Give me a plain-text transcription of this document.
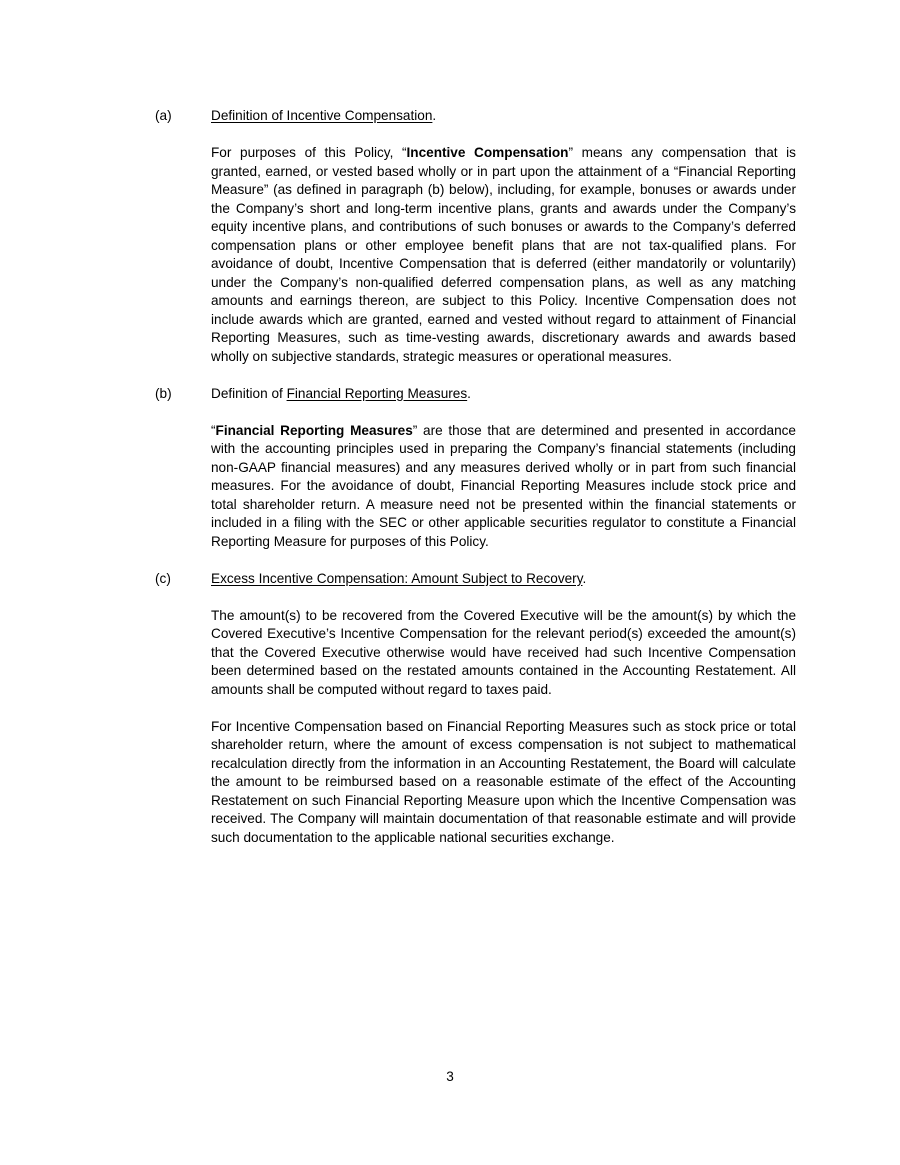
(a)	Definition of Incentive Compensation.

For purposes of this Policy, “Incentive Compensation” means any compensation that is granted, earned, or vested based wholly or in part upon the attainment of a “Financial Reporting Measure” (as defined in paragraph (b) below), including, for example, bonuses or awards under the Company’s short and long-term incentive plans, grants and awards under the Company’s equity incentive plans, and contributions of such bonuses or awards to the Company’s deferred compensation plans or other employee benefit plans that are not tax-qualified plans. For avoidance of doubt, Incentive Compensation that is deferred (either mandatorily or voluntarily) under the Company’s non-qualified deferred compensation plans, as well as any matching amounts and earnings thereon, are subject to this Policy. Incentive Compensation does not include awards which are granted, earned and vested without regard to attainment of Financial Reporting Measures, such as time-vesting awards, discretionary awards and awards based wholly on subjective standards, strategic measures or operational measures.

(b)	Definition of Financial Reporting Measures.

“Financial Reporting Measures” are those that are determined and presented in accordance with the accounting principles used in preparing the Company’s financial statements (including non-GAAP financial measures) and any measures derived wholly or in part from such financial measures. For the avoidance of doubt, Financial Reporting Measures include stock price and total shareholder return. A measure need not be presented within the financial statements or included in a filing with the SEC or other applicable securities regulator to constitute a Financial Reporting Measure for purposes of this Policy.

(c)	Excess Incentive Compensation: Amount Subject to Recovery.

The amount(s) to be recovered from the Covered Executive will be the amount(s) by which the Covered Executive’s Incentive Compensation for the relevant period(s) exceeded the amount(s) that the Covered Executive otherwise would have received had such Incentive Compensation been determined based on the restated amounts contained in the Accounting Restatement. All amounts shall be computed without regard to taxes paid.

For Incentive Compensation based on Financial Reporting Measures such as stock price or total shareholder return, where the amount of excess compensation is not subject to mathematical recalculation directly from the information in an Accounting Restatement, the Board will calculate the amount to be reimbursed based on a reasonable estimate of the effect of the Accounting Restatement on such Financial Reporting Measure upon which the Incentive Compensation was received. The Company will maintain documentation of that reasonable estimate and will provide such documentation to the applicable national securities exchange.

3
